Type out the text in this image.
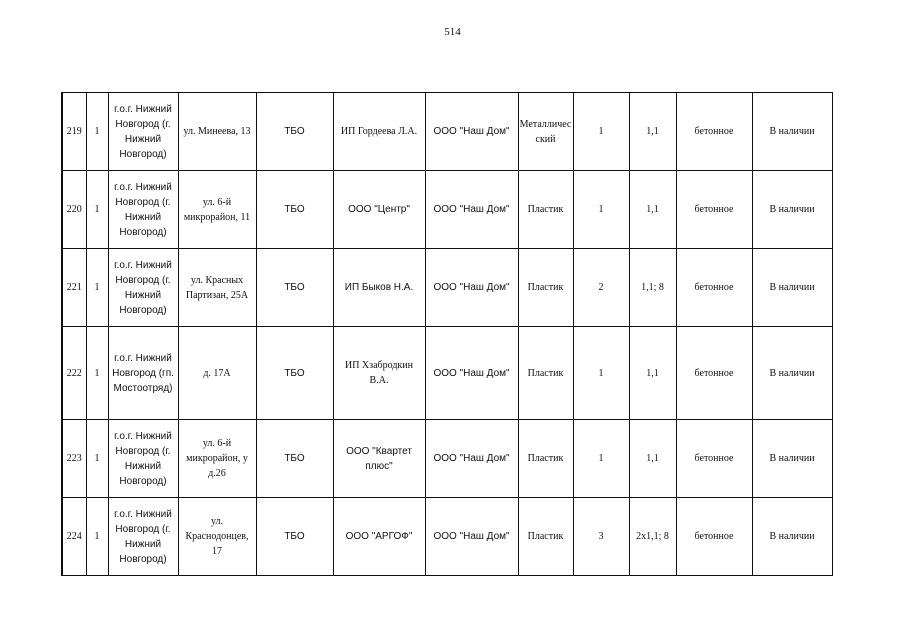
514
219	1	г.о.г. Нижний Новгород (г. Нижний Новгород)	ул. Минеева, 13	ТБО	ИП Гордеева Л.А.	ООО "Наш Дом"	Металличесский	1	1,1	бетонное	В наличии
220	1	г.о.г. Нижний Новгород (г. Нижний Новгород)	ул. 6-й микрорайон, 11	ТБО	ООО "Центр"	ООО "Наш Дом"	Пластик	1	1,1	бетонное	В наличии
221	1	г.о.г. Нижний Новгород (г. Нижний Новгород)	ул. Красных Партизан, 25А	ТБО	ИП Быков Н.А.	ООО "Наш Дом"	Пластик	2	1,1; 8	бетонное	В наличии
222	1	г.о.г. Нижний Новгород (гп. Мостоотряд)	д. 17А	ТБО	ИП Хзабродкин В.А.	ООО "Наш Дом"	Пластик	1	1,1	бетонное	В наличии
223	1	г.о.г. Нижний Новгород (г. Нижний Новгород)	ул. 6-й микрорайон, у д.26	ТБО	ООО "Квартет плюс"	ООО "Наш Дом"	Пластик	1	1,1	бетонное	В наличии
224	1	г.о.г. Нижний Новгород (г. Нижний Новгород)	ул. Краснодонцев, 17	ТБО	ООО "АРГОФ"	ООО "Наш Дом"	Пластик	3	2х1,1; 8	бетонное	В наличии
